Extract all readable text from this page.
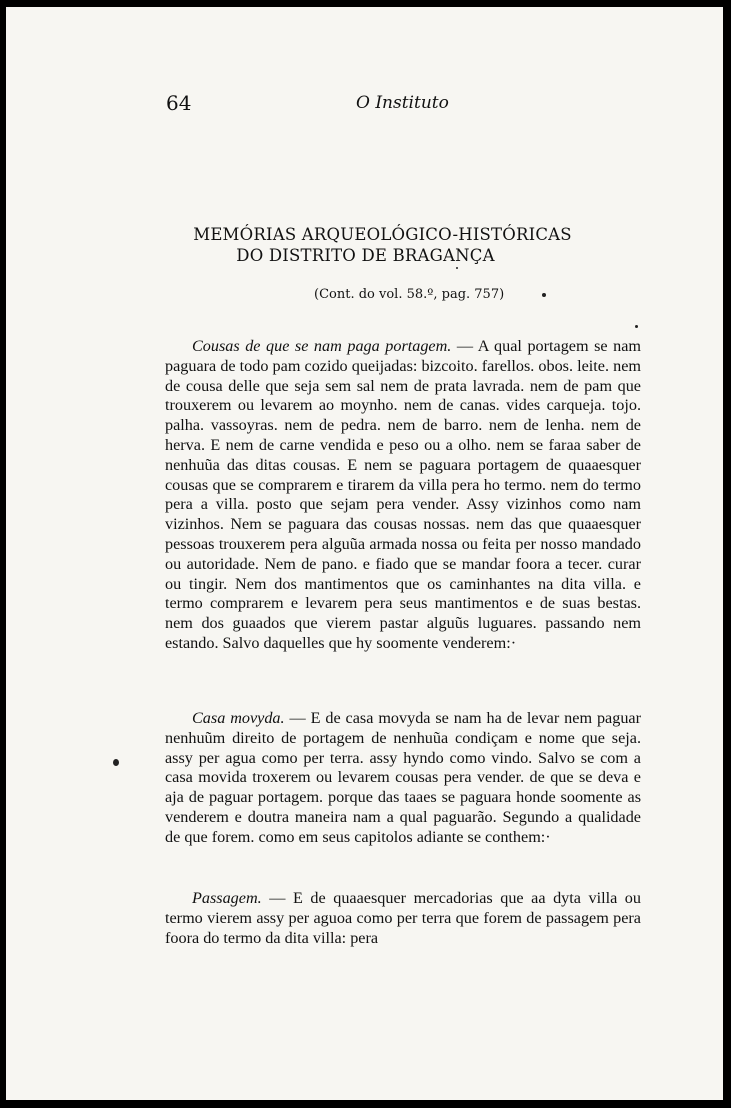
64	O Instituto
MEMÓRIAS ARQUEOLÓGICO-HISTÓRICAS
DO DISTRITO DE BRAGANÇA
(Cont. do vol. 58.º, pag. 757)

Cousas de que se nam paga portagem. — A qual portagem se nam paguara de todo pam cozido queijadas: bizcoito. farellos. obos. leite. nem de cousa delle que seja sem sal nem de prata lavrada. nem de pam que trouxerem ou levarem ao moynho. nem de canas. vides carqueja. tojo. palha. vassoyras. nem de pedra. nem de barro. nem de lenha. nem de herva. E nem de carne vendida e peso ou a olho. nem se faraa saber de nenhuũa das ditas cousas. E nem se paguara portagem de quaaesquer cousas que se comprarem e tirarem da villa pera ho termo. nem do termo pera a villa. posto que sejam pera vender. Assy vizinhos como nam vizinhos. Nem se paguara das cousas nossas. nem das que quaaesquer pessoas trouxerem pera alguũa armada nossa ou feita per nosso mandado ou autoridade. Nem de pano. e fiado que se mandar foora a tecer. curar ou tingir. Nem dos mantimentos que os caminhantes na dita villa. e termo comprarem e levarem pera seus mantimentos e de suas bestas. nem dos guaados que vierem pastar alguũs luguares. passando nem estando. Salvo daquelles que hy soomente venderem:·

Casa movyda. — E de casa movyda se nam ha de levar nem paguar nenhuũm direito de portagem de nenhuũa condiçam e nome que seja. assy per agua como per terra. assy hyndo como vindo. Salvo se com a casa movida troxerem ou levarem cousas pera vender. de que se deva e aja de paguar portagem. porque das taaes se paguara honde soomente as venderem e doutra maneira nam a qual paguarão. Segundo a qualidade de que forem. como em seus capitolos adiante se conthem:·

Passagem. — E de quaaesquer mercadorias que aa dyta villa ou termo vierem assy per aguoa como per terra que forem de passagem pera foora do termo da dita villa: pera
